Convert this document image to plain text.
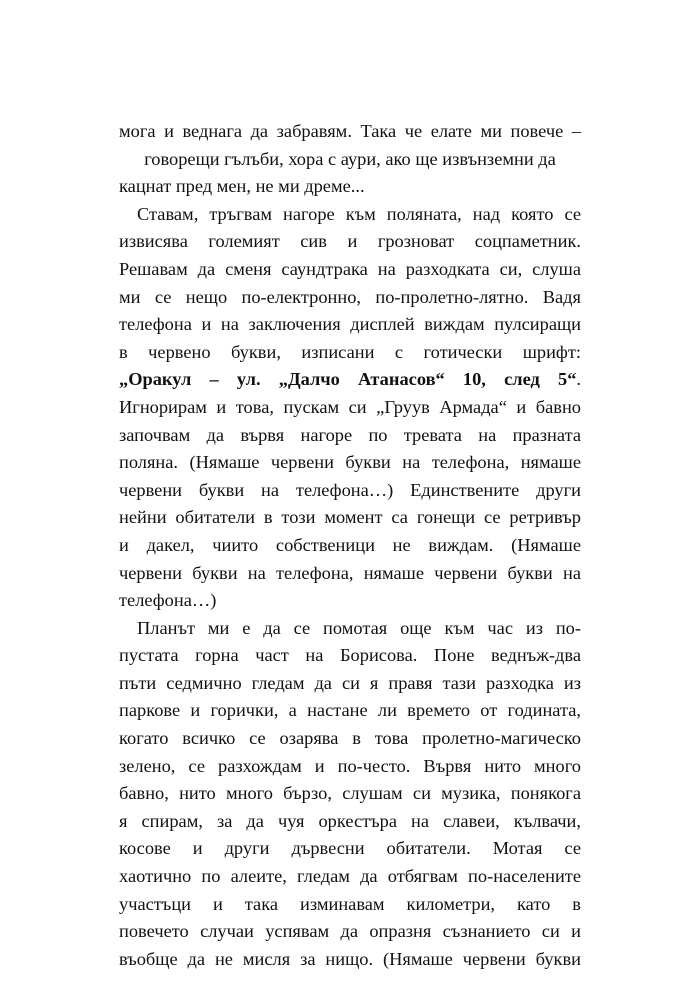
мога и веднага да забравям. Така че елате ми повече –
говорещи гълъби, хора с аури, ако ще извънземни да
кацнат пред мен, не ми дреме...
Ставам, тръгвам нагоре към поляната, над която се
извисява големият сив и грозноват соцпаметник.
Решавам да сменя саундтрака на разходката си, слуша
ми се нещо по-електронно, по-пролетно-лятно. Вадя
телефона и на заключения дисплей виждам пулсиращи
в червено букви, изписани с готически шрифт:
„Оракул – ул. „Далчо Атанасов“ 10, след 5“.
Игнорирам и това, пускам си „Груув Армада“ и бавно
започвам да вървя нагоре по тревата на празната
поляна. (Нямаше червени букви на телефона, нямаше
червени букви на телефона…) Единствените други
нейни обитатели в този момент са гонещи се ретривър
и дакел, чиито собственици не виждам. (Нямаше
червени букви на телефона, нямаше червени букви на
телефона…)
Планът ми е да се помотая още към час из по-
пустата горна част на Борисова. Поне веднъж-два
пъти седмично гледам да си я правя тази разходка из
паркове и горички, а настане ли времето от годината,
когато всичко се озарява в това пролетно-магическо
зелено, се разхождам и по-често. Вървя нито много
бавно, нито много бързо, слушам си музика, понякога
я спирам, за да чуя оркестъра на славеи, кълвачи,
косове и други дървесни обитатели. Мотая се
хаотично по алеите, гледам да отбягвам по-населените
участъци и така изминавам километри, като в
повечето случаи успявам да опразня съзнанието си и
въобще да не мисля за нищо. (Нямаше червени букви
